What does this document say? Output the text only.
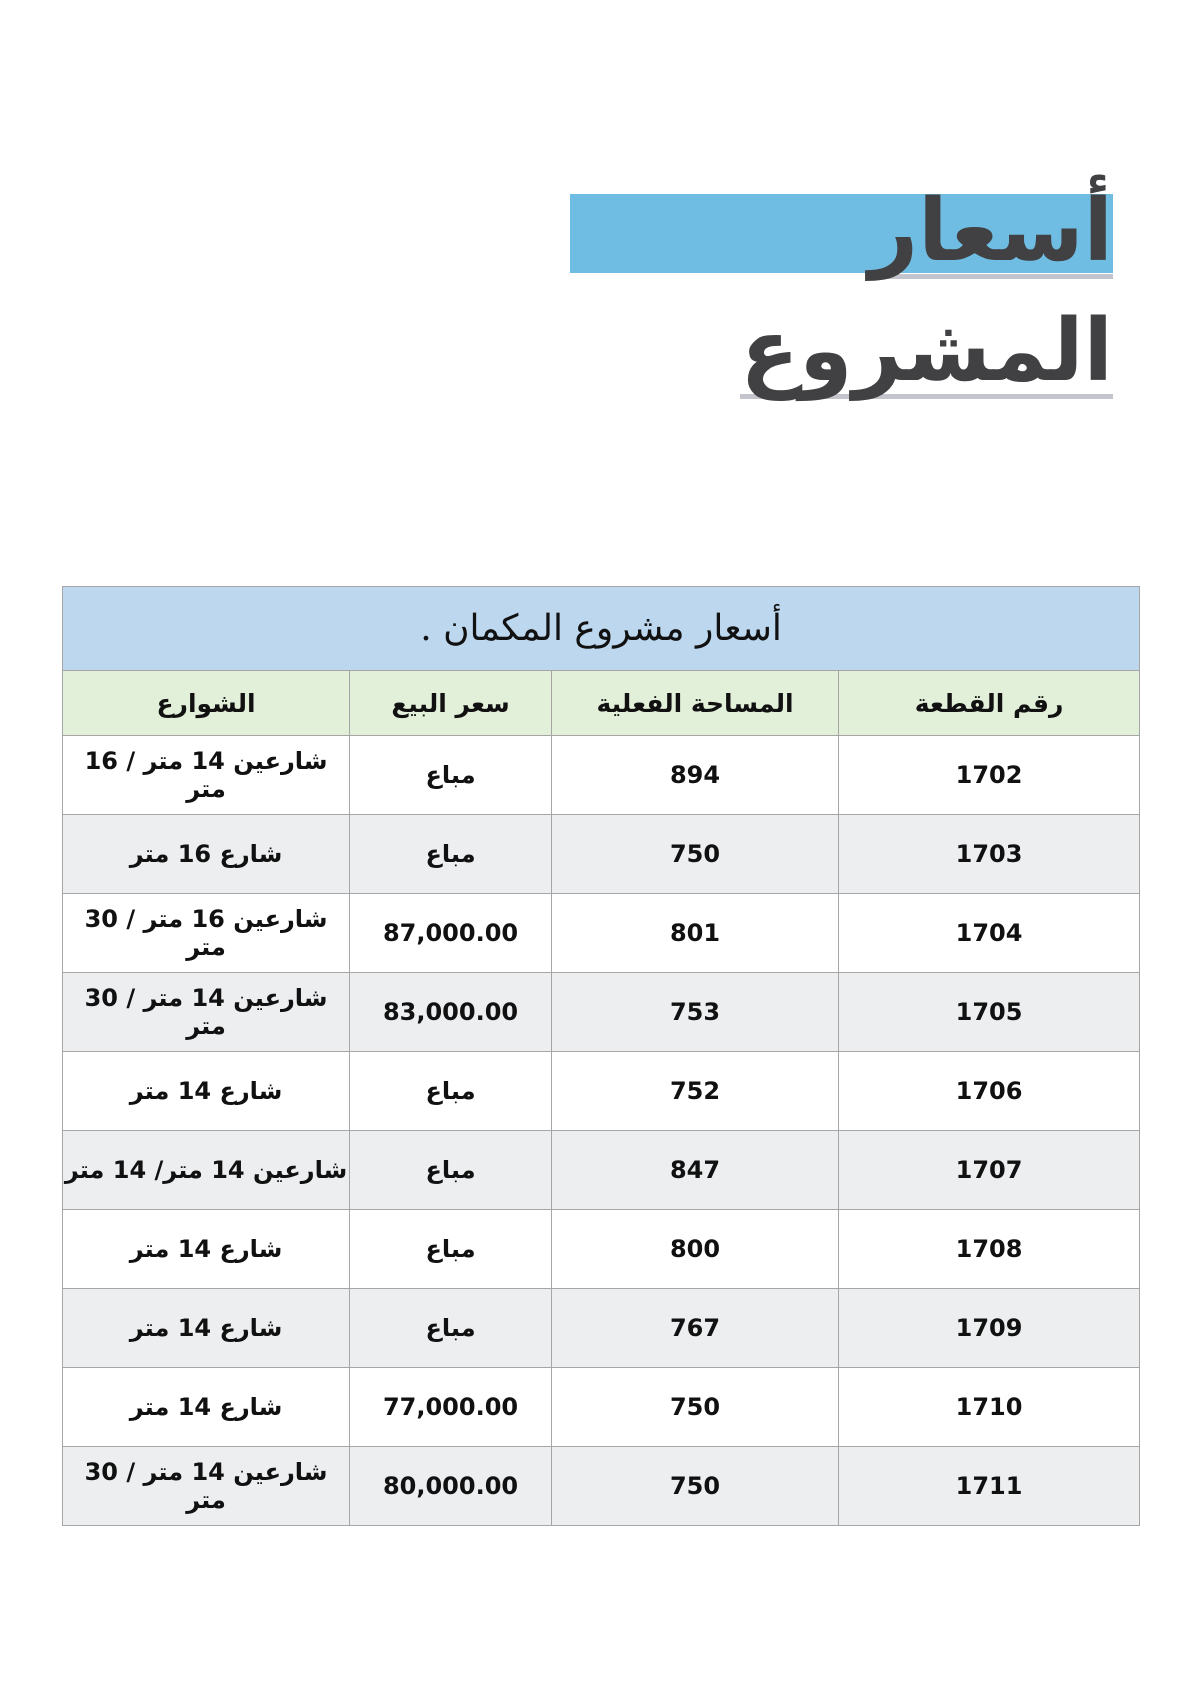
أسعار
المشروع
أسعار مشروع المكمان .			
رقم القطعة	المساحة الفعلية	سعر البيع	الشوارع
1702	894	مباع	شارعين 14 متر / 16 متر
1703	750	مباع	شارع 16 متر
1704	801	87,000.00	شارعين 16 متر / 30 متر
1705	753	83,000.00	شارعين 14 متر / 30 متر
1706	752	مباع	شارع 14 متر
1707	847	مباع	شارعين 14 متر/ 14 متر
1708	800	مباع	شارع 14 متر
1709	767	مباع	شارع 14 متر
1710	750	77,000.00	شارع 14 متر
1711	750	80,000.00	شارعين 14 متر / 30 متر
